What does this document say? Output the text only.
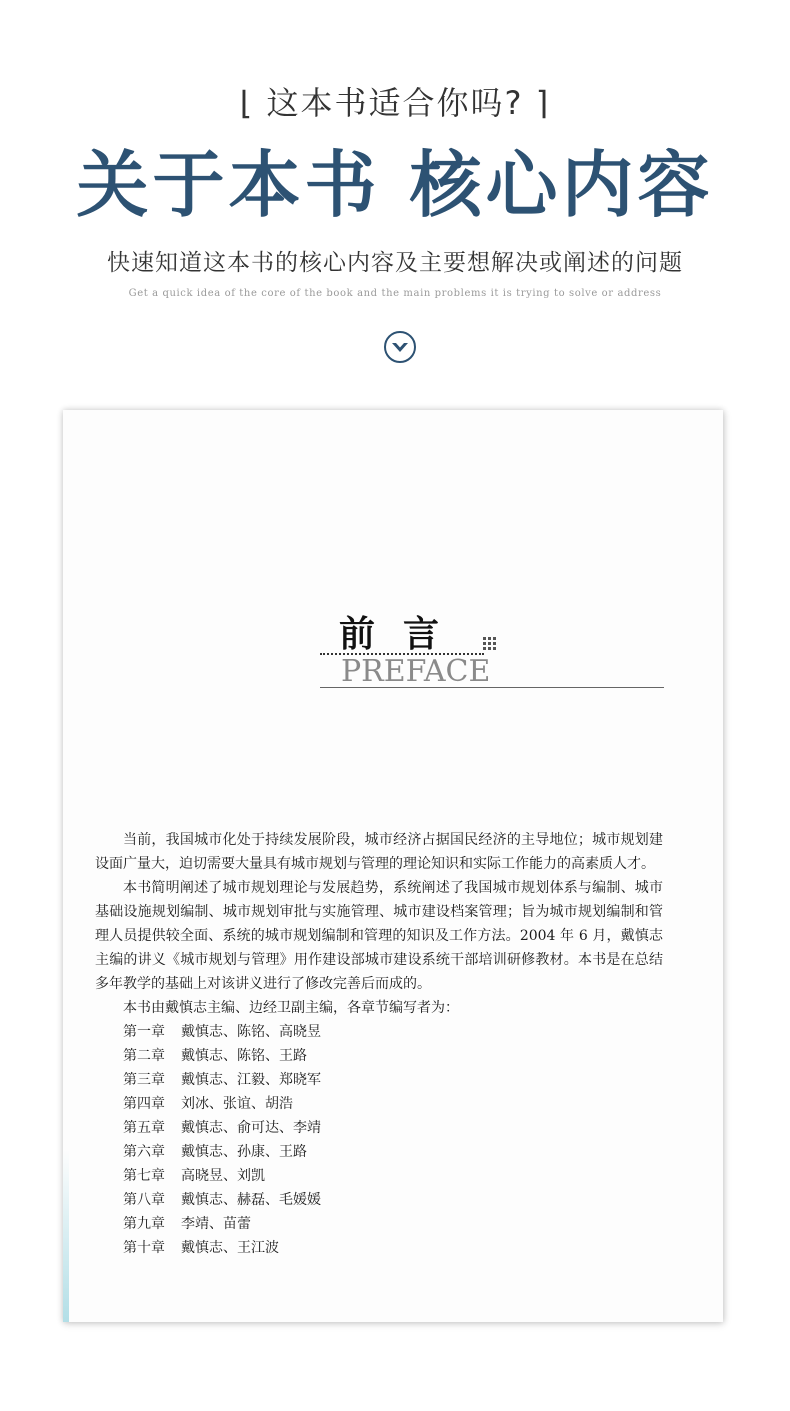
⌊ 这本书适合你吗? ⌉
关于本书 核心内容
快速知道这本书的核心内容及主要想解决或阐述的问题
Get a quick idea of the core of the book and the main problems it is trying to solve or address
前言
PREFACE

当前，我国城市化处于持续发展阶段，城市经济占据国民经济的主导地位；城市规划建设面广量大，迫切需要大量具有城市规划与管理的理论知识和实际工作能力的高素质人才。

本书简明阐述了城市规划理论与发展趋势，系统阐述了我国城市规划体系与编制、城市基础设施规划编制、城市规划审批与实施管理、城市建设档案管理；旨为城市规划编制和管理人员提供较全面、系统的城市规划编制和管理的知识及工作方法。2004 年 6 月，戴慎志主编的讲义《城市规划与管理》用作建设部城市建设系统干部培训研修教材。本书是在总结多年教学的基础上对该讲义进行了修改完善后而成的。

本书由戴慎志主编、边经卫副主编，各章节编写者为：

第一章 戴慎志、陈铭、高晓昱
第二章 戴慎志、陈铭、王路
第三章 戴慎志、江毅、郑晓军
第四章 刘冰、张谊、胡浩
第五章 戴慎志、俞可达、李靖
第六章 戴慎志、孙康、王路
第七章 高晓昱、刘凯
第八章 戴慎志、赫磊、毛媛媛
第九章 李靖、苗蕾
第十章 戴慎志、王江波
